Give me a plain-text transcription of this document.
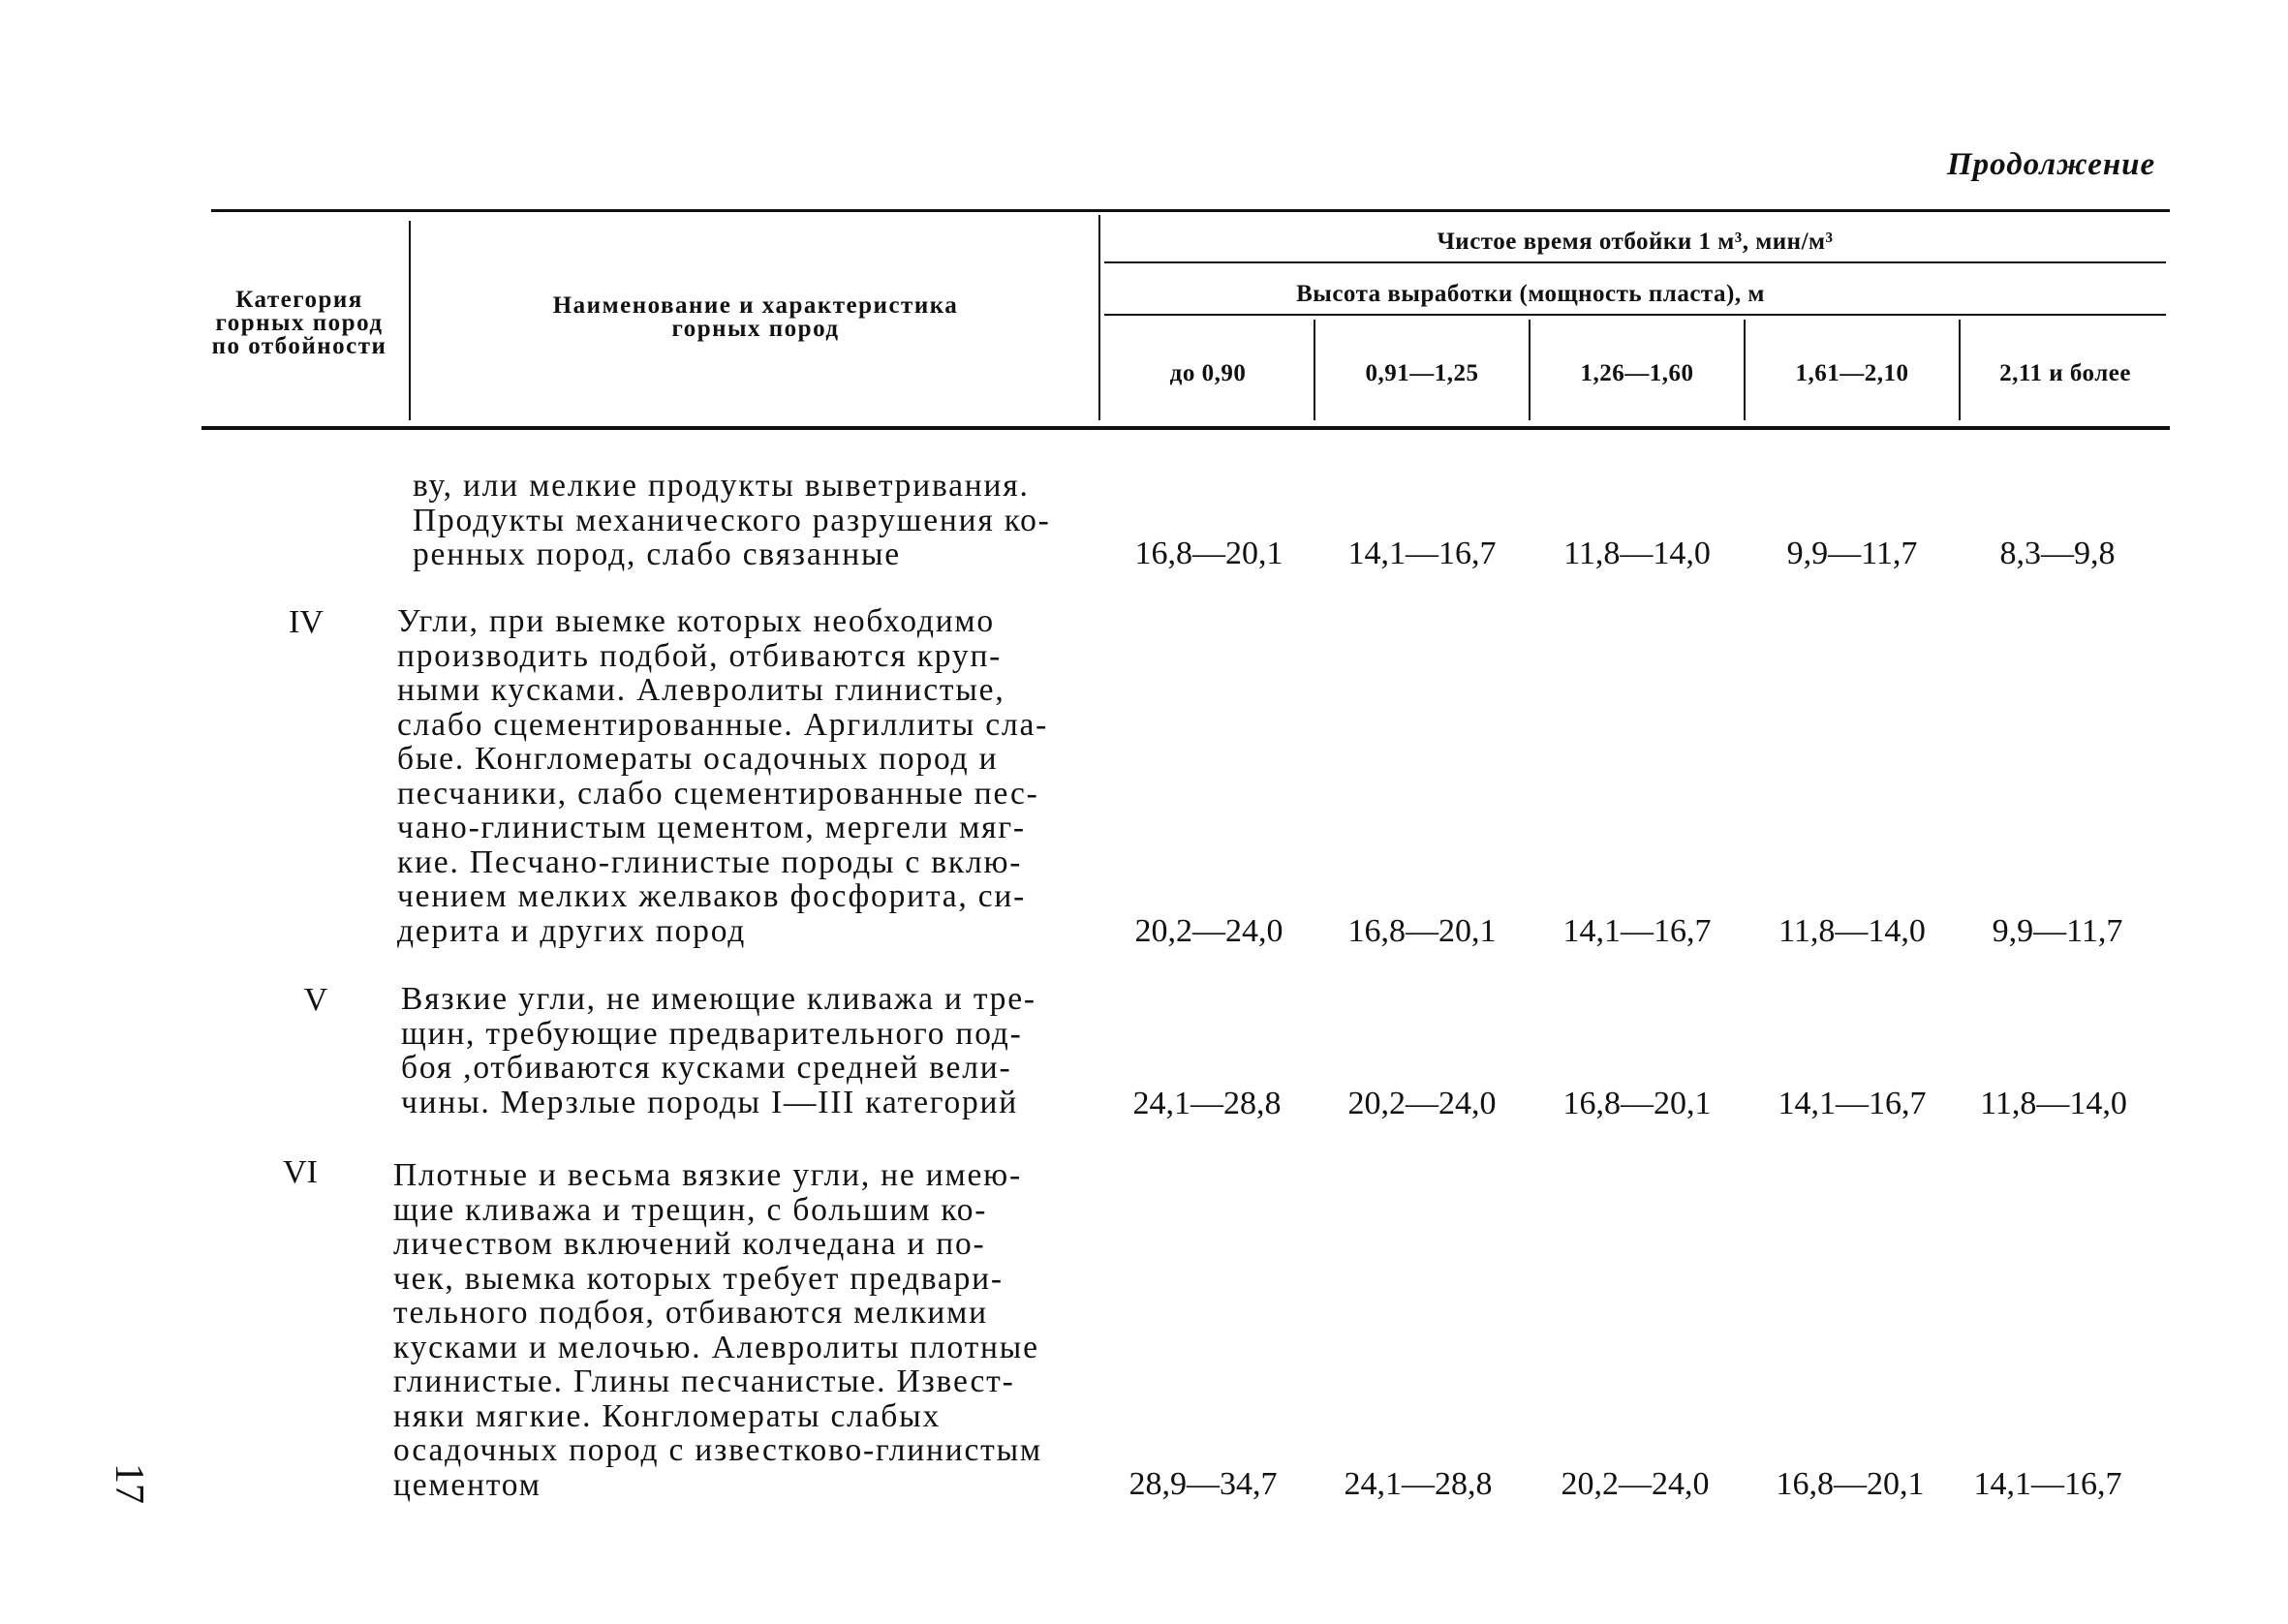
Продолжение
Категория
горных пород
по отбойности
Наименование и характеристика
горных пород
Чистое время отбойки 1 м³, мин/м³
Высота выработки (мощность пласта), м
до 0,90	0,91—1,25	1,26—1,60	1,61—2,10	2,11 и более
ву, или мелкие продукты выветривания.
Продукты механического разрушения ко-
ренных пород, слабо связанные	16,8—20,1	14,1—16,7	11,8—14,0	9,9—11,7	8,3—9,8
IV	Угли, при выемке которых необходимо
производить подбой, отбиваются круп-
ными кусками. Алевролиты глинистые,
слабо сцементированные. Аргиллиты сла-
бые. Конгломераты осадочных пород и
песчаники, слабо сцементированные пес-
чано-глинистым цементом, мергели мяг-
кие. Песчано-глинистые породы с вклю-
чением мелких желваков фосфорита, си-
дерита и других пород	20,2—24,0	16,8—20,1	14,1—16,7	11,8—14,0	9,9—11,7
V	Вязкие угли, не имеющие кливажа и тре-
щин, требующие предварительного под-
боя ,отбиваются кусками средней вели-
чины. Мерзлые породы I—III категорий	24,1—28,8	20,2—24,0	16,8—20,1	14,1—16,7	11,8—14,0
VI	Плотные и весьма вязкие угли, не имею-
щие кливажа и трещин, с большим ко-
личеством включений колчедана и по-
чек, выемка которых требует предвари-
тельного подбоя, отбиваются мелкими
кусками и мелочью. Алевролиты плотные
глинистые. Глины песчанистые. Извест-
няки мягкие. Конгломераты слабых
осадочных пород с известково-глинистым
цементом	28,9—34,7	24,1—28,8	20,2—24,0	16,8—20,1	14,1—16,7
17
